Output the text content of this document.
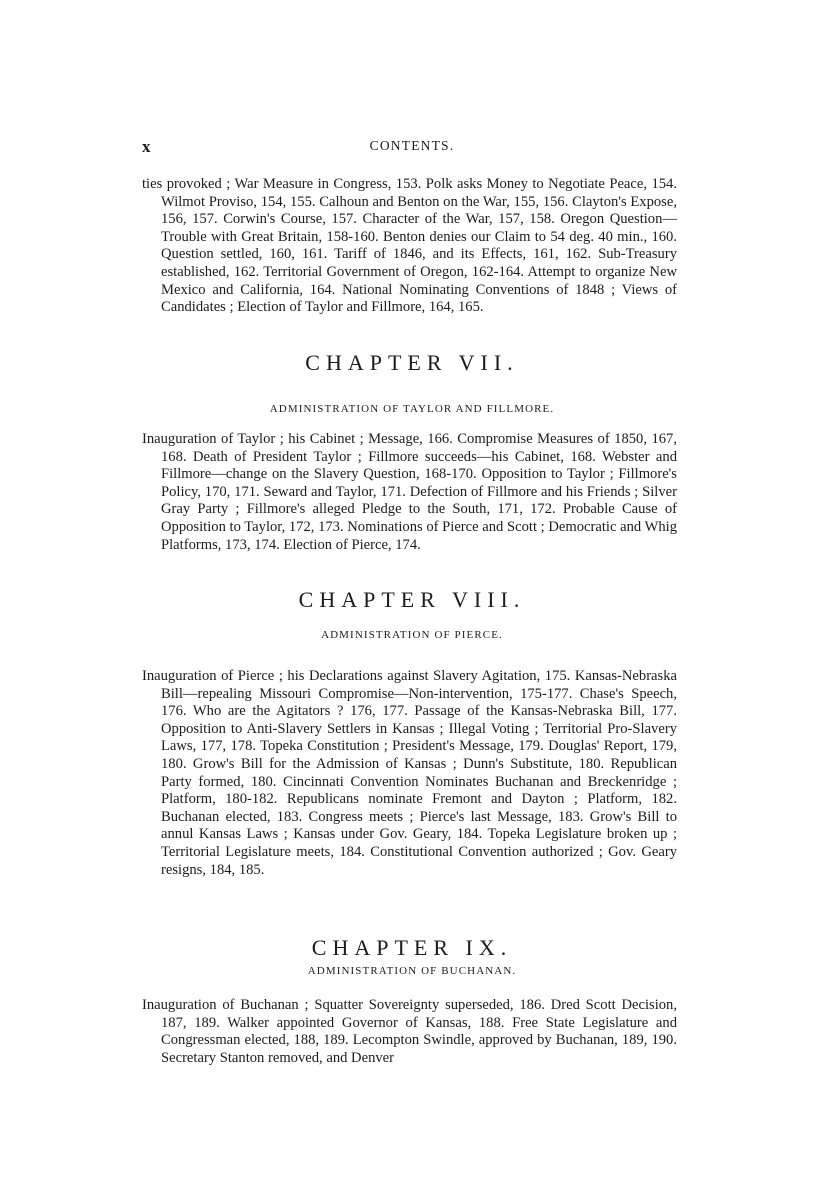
x	CONTENTS.

ties provoked ; War Measure in Congress, 153. Polk asks Money to Negotiate Peace, 154. Wilmot Proviso, 154, 155. Calhoun and Benton on the War, 155, 156. Clayton's Expose, 156, 157. Corwin's Course, 157. Character of the War, 157, 158. Oregon Question—Trouble with Great Britain, 158-160. Benton denies our Claim to 54 deg. 40 min., 160. Question settled, 160, 161. Tariff of 1846, and its Effects, 161, 162. Sub-Treasury established, 162. Territorial Government of Oregon, 162-164. Attempt to organize New Mexico and California, 164. National Nominating Conventions of 1848 ; Views of Candidates ; Election of Taylor and Fillmore, 164, 165.

CHAPTER VII.
ADMINISTRATION OF TAYLOR AND FILLMORE.

Inauguration of Taylor ; his Cabinet ; Message, 166. Compromise Measures of 1850, 167, 168. Death of President Taylor ; Fillmore succeeds—his Cabinet, 168. Webster and Fillmore—change on the Slavery Question, 168-170. Opposition to Taylor ; Fillmore's Policy, 170, 171. Seward and Taylor, 171. Defection of Fillmore and his Friends ; Silver Gray Party ; Fillmore's alleged Pledge to the South, 171, 172. Probable Cause of Opposition to Taylor, 172, 173. Nominations of Pierce and Scott ; Democratic and Whig Platforms, 173, 174. Election of Pierce, 174.

CHAPTER VIII.
ADMINISTRATION OF PIERCE.

Inauguration of Pierce ; his Declarations against Slavery Agitation, 175. Kansas-Nebraska Bill—repealing Missouri Compromise—Non-intervention, 175-177. Chase's Speech, 176. Who are the Agitators ? 176, 177. Passage of the Kansas-Nebraska Bill, 177. Opposition to Anti-Slavery Settlers in Kansas ; Illegal Voting ; Territorial Pro-Slavery Laws, 177, 178. Topeka Constitution ; President's Message, 179. Douglas' Report, 179, 180. Grow's Bill for the Admission of Kansas ; Dunn's Substitute, 180. Republican Party formed, 180. Cincinnati Convention Nominates Buchanan and Breckenridge ; Platform, 180-182. Republicans nominate Fremont and Dayton ; Platform, 182. Buchanan elected, 183. Congress meets ; Pierce's last Message, 183. Grow's Bill to annul Kansas Laws ; Kansas under Gov. Geary, 184. Topeka Legislature broken up ; Territorial Legislature meets, 184. Constitutional Convention authorized ; Gov. Geary resigns, 184, 185.

CHAPTER IX.
ADMINISTRATION OF BUCHANAN.

Inauguration of Buchanan ; Squatter Sovereignty superseded, 186. Dred Scott Decision, 187, 189. Walker appointed Governor of Kansas, 188. Free State Legislature and Congressman elected, 188, 189. Lecompton Swindle, approved by Buchanan, 189, 190. Secretary Stanton removed, and Denver
